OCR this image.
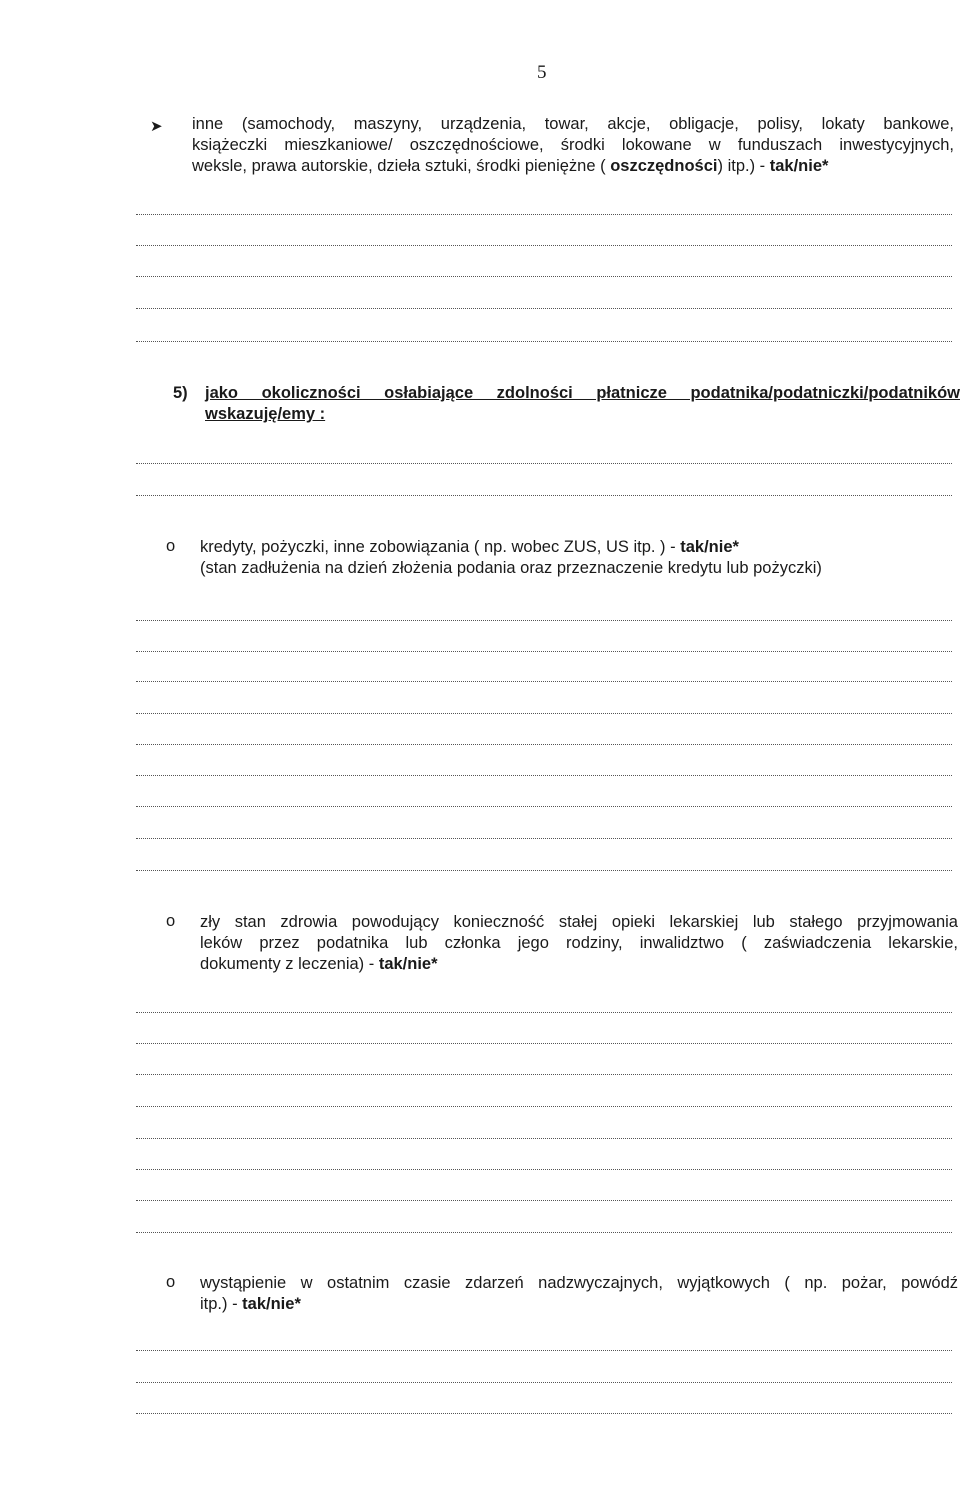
5
➤ inne (samochody, maszyny, urządzenia, towar, akcje, obligacje, polisy, lokaty bankowe,
książeczki mieszkaniowe/ oszczędnościowe, środki lokowane w funduszach inwestycyjnych,
weksle, prawa autorskie, dzieła sztuki, środki pieniężne ( oszczędności) itp.) - tak/nie*
5) jako okoliczności osłabiające zdolności płatnicze podatnika/podatniczki/podatników
wskazuję/emy :
o kredyty, pożyczki, inne zobowiązania ( np. wobec ZUS, US itp. ) - tak/nie*
(stan zadłużenia na dzień złożenia podania oraz przeznaczenie kredytu lub pożyczki)
o zły stan zdrowia powodujący konieczność stałej opieki lekarskiej lub stałego przyjmowania
leków przez podatnika lub członka jego rodziny, inwalidztwo ( zaświadczenia lekarskie,
dokumenty z leczenia) - tak/nie*
o wystąpienie w ostatnim czasie zdarzeń nadzwyczajnych, wyjątkowych ( np. pożar, powódź
itp.) - tak/nie*
